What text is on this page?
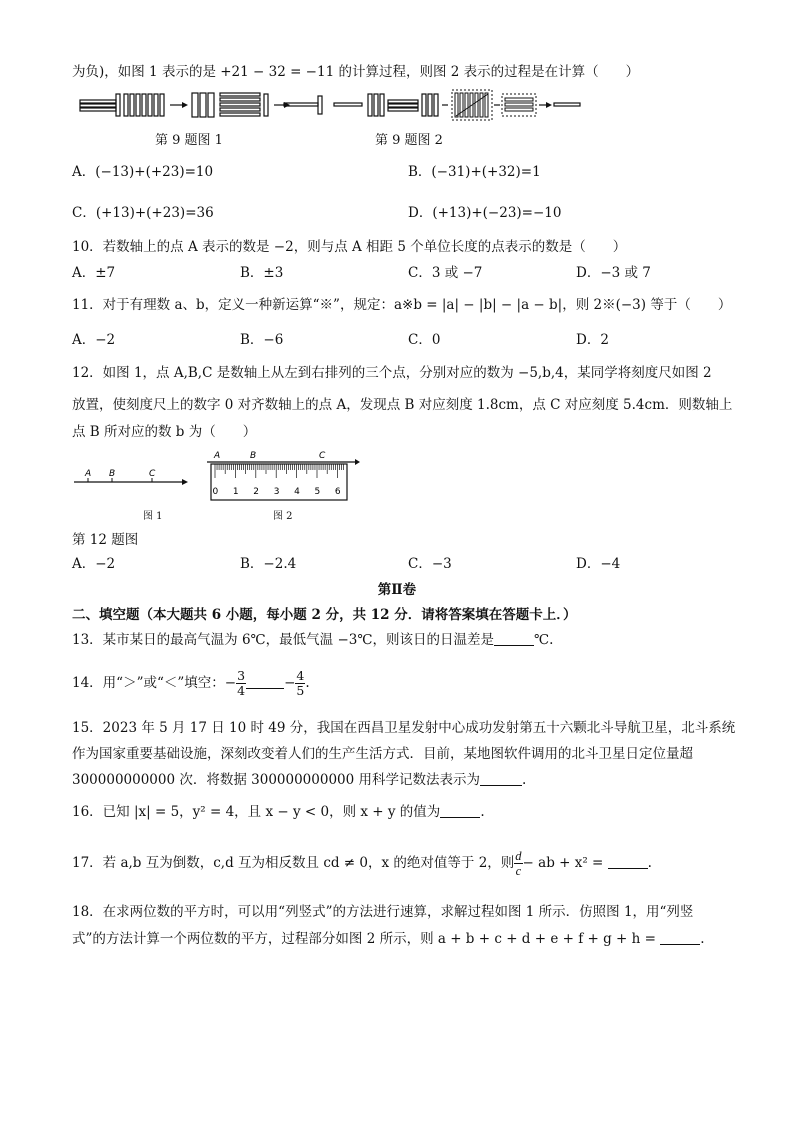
为负)，如图 1 表示的是 +21 − 32 = −11 的计算过程，则图 2 表示的过程是在计算（　　）
第 9 题图 1	第 9 题图 2
A．(−13)+(+23)=10	B．(−31)+(+32)=1
C．(+13)+(+23)=36	D．(+13)+(−23)=−10
10．若数轴上的点 A 表示的数是 −2，则与点 A 相距 5 个单位长度的点表示的数是（　　）
A．±7	B．±3	C．3 或 −7	D．−3 或 7
11．对于有理数 a、b，定义一种新运算“※”，规定：a※b = |a| − |b| − |a − b|，则 2※(−3) 等于（　　）
A．−2	B．−6	C．0	D．2
12．如图 1，点 A,B,C 是数轴上从左到右排列的三个点，分别对应的数为 −5,b,4，某同学将刻度尺如图 2
放置，使刻度尺上的数字 0 对齐数轴上的点 A，发现点 B 对应刻度 1.8cm，点 C 对应刻度 5.4cm．则数轴上
点 B 所对应的数 b 为（　　）
A B	C
图 1
A	B	C
0 1 2 3 4 5 6
图 2
第 12 题图
A．−2	B．−2.4	C．−3	D．−4
第Ⅱ卷
二、填空题（本大题共 6 小题，每小题 2 分，共 12 分．请将答案填在答题卡上．）
13．某市某日的最高气温为 6℃，最低气温 −3℃，则该日的日温差是	℃.
14．用“＞”或“＜”填空：− $\frac{3}{4}$	− $\frac{4}{5}$ .
15．2023 年 5 月 17 日 10 时 49 分，我国在西昌卫星发射中心成功发射第五十六颗北斗导航卫星，北斗系统
作为国家重要基础设施，深刻改变着人们的生产生活方式．目前，某地图软件调用的北斗卫星日定位量超
300000000000 次．将数据 300000000000 用科学记数法表示为	.
16．已知 |x| = 5，y² = 4，且 x − y < 0，则 x + y 的值为	.
17．若 a,b 互为倒数，c,d 互为相反数且 cd ≠ 0，x 的绝对值等于 2，则 $\frac{d}{c}$ − ab + x² =	.
18．在求两位数的平方时，可以用“列竖式”的方法进行速算，求解过程如图 1 所示．仿照图 1，用“列竖
式”的方法计算一个两位数的平方，过程部分如图 2 所示，则 a + b + c + d + e + f + g + h =	.
